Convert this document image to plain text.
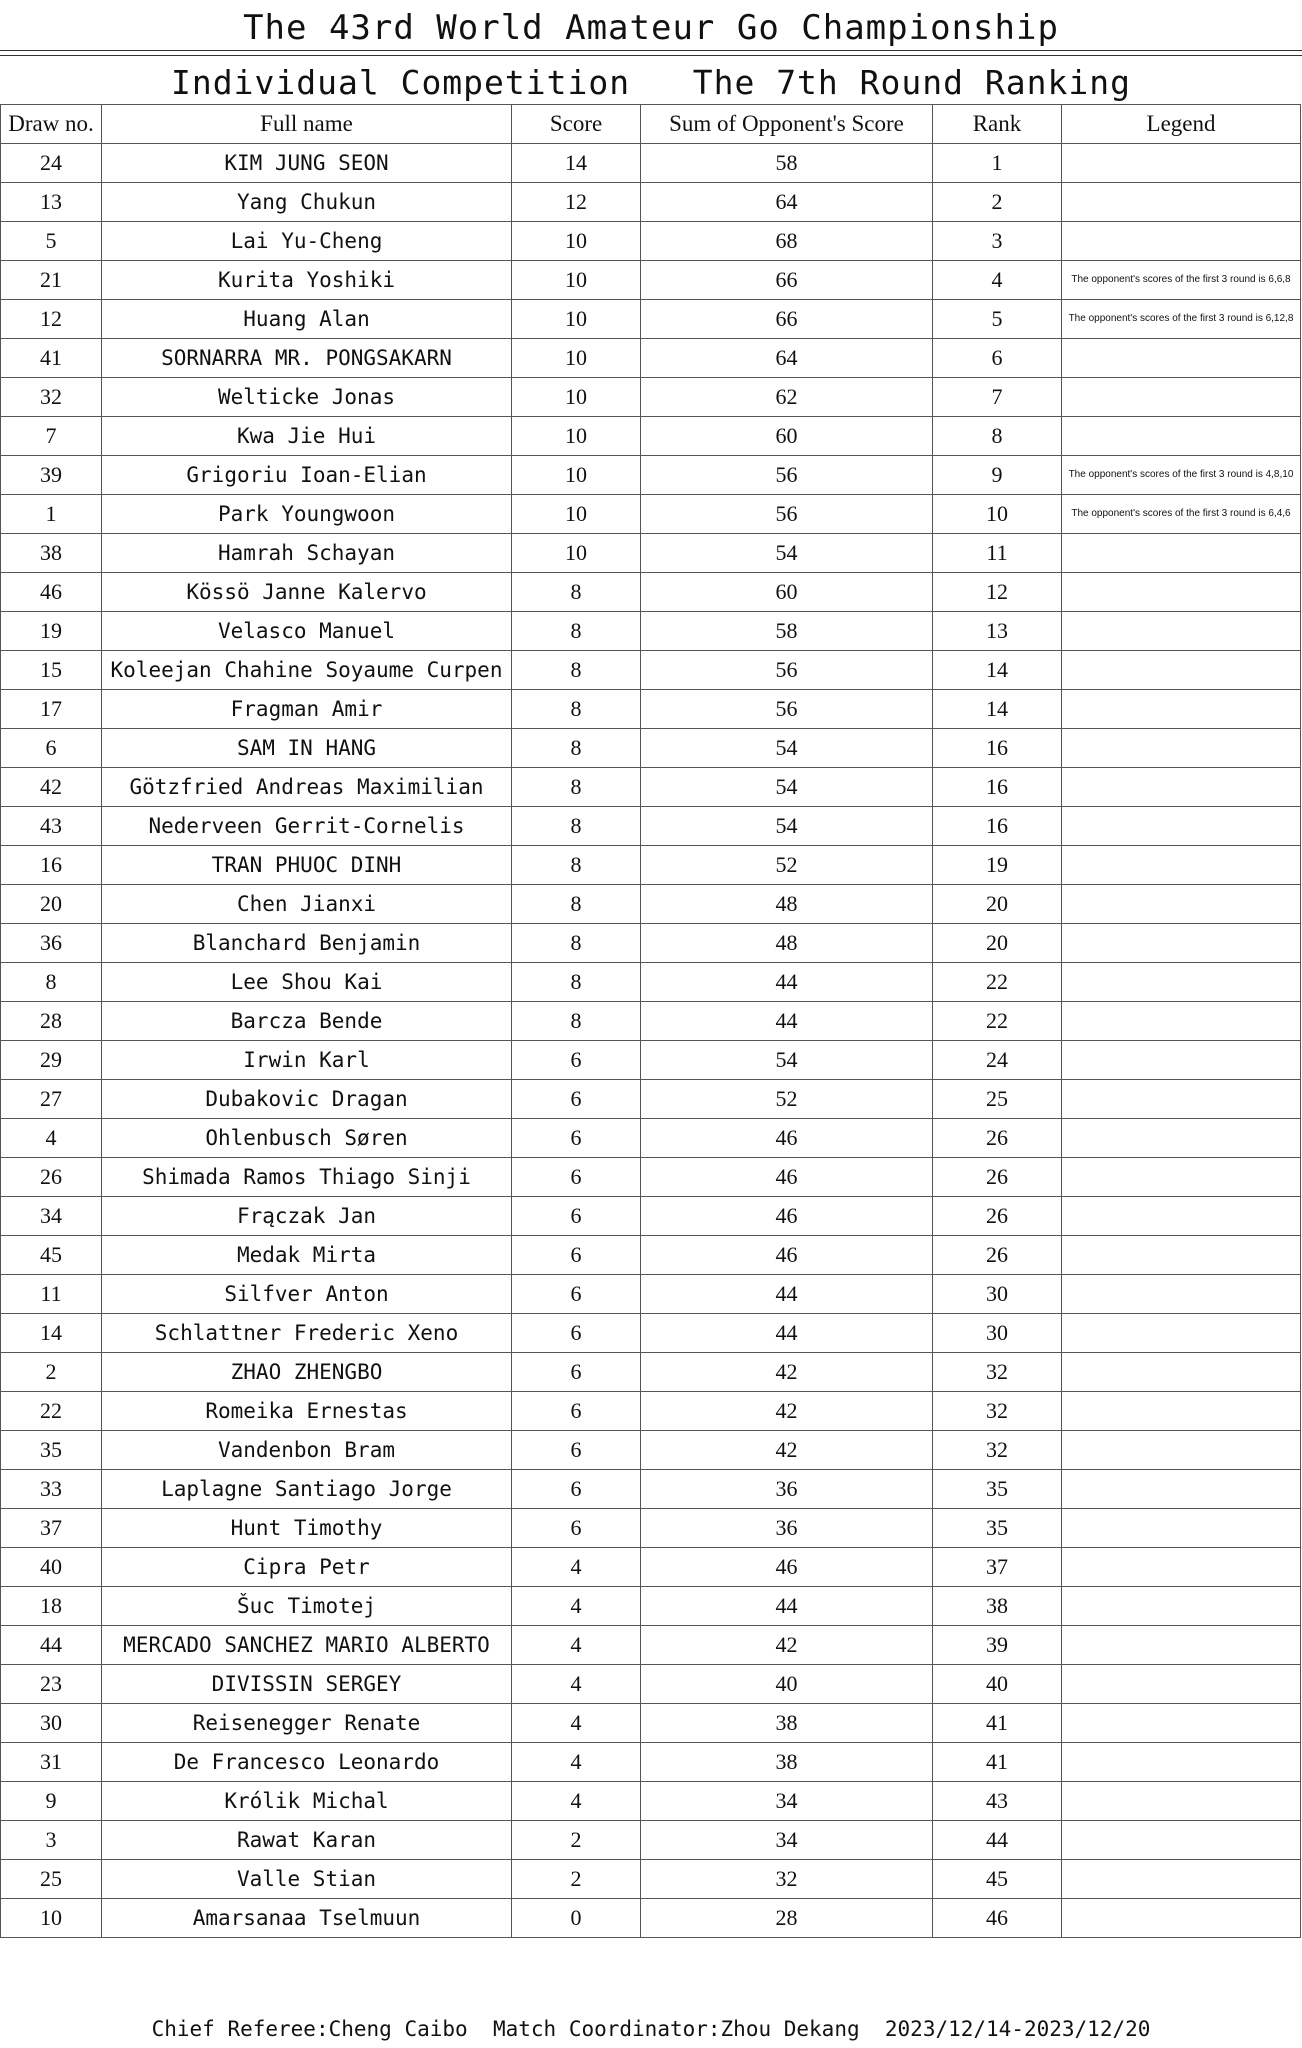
The 43rd World Amateur Go Championship
Individual Competition   The 7th Round Ranking
Draw no.	Full name	Score	Sum of Opponent's Score	Rank	Legend
24	KIM JUNG SEON	14	58	1	
13	Yang Chukun	12	64	2	
5	Lai Yu-Cheng	10	68	3	
21	Kurita Yoshiki	10	66	4	The opponent's scores of the first 3 round is 6,6,8
12	Huang Alan	10	66	5	The opponent's scores of the first 3 round is 6,12,8
41	SORNARRA MR. PONGSAKARN	10	64	6	
32	Welticke Jonas	10	62	7	
7	Kwa Jie Hui	10	60	8	
39	Grigoriu Ioan-Elian	10	56	9	The opponent's scores of the first 3 round is 4,8,10
1	Park Youngwoon	10	56	10	The opponent's scores of the first 3 round is 6,4,6
38	Hamrah Schayan	10	54	11	
46	Kössö Janne Kalervo	8	60	12	
19	Velasco Manuel	8	58	13	
15	Koleejan Chahine Soyaume Curpen	8	56	14	
17	Fragman Amir	8	56	14	
6	SAM IN HANG	8	54	16	
42	Götzfried Andreas Maximilian	8	54	16	
43	Nederveen Gerrit-Cornelis	8	54	16	
16	TRAN PHUOC DINH	8	52	19	
20	Chen Jianxi	8	48	20	
36	Blanchard Benjamin	8	48	20	
8	Lee Shou Kai	8	44	22	
28	Barcza Bende	8	44	22	
29	Irwin Karl	6	54	24	
27	Dubakovic Dragan	6	52	25	
4	Ohlenbusch Søren	6	46	26	
26	Shimada Ramos Thiago Sinji	6	46	26	
34	Frączak Jan	6	46	26	
45	Medak Mirta	6	46	26	
11	Silfver Anton	6	44	30	
14	Schlattner Frederic Xeno	6	44	30	
2	ZHAO ZHENGBO	6	42	32	
22	Romeika Ernestas	6	42	32	
35	Vandenbon Bram	6	42	32	
33	Laplagne Santiago Jorge	6	36	35	
37	Hunt Timothy	6	36	35	
40	Cipra Petr	4	46	37	
18	Šuc Timotej	4	44	38	
44	MERCADO SANCHEZ MARIO ALBERTO	4	42	39	
23	DIVISSIN SERGEY	4	40	40	
30	Reisenegger Renate	4	38	41	
31	De Francesco Leonardo	4	38	41	
9	Królik Michal	4	34	43	
3	Rawat Karan	2	34	44	
25	Valle Stian	2	32	45	
10	Amarsanaa Tselmuun	0	28	46	
Chief Referee:Cheng Caibo  Match Coordinator:Zhou Dekang  2023/12/14-2023/12/20
